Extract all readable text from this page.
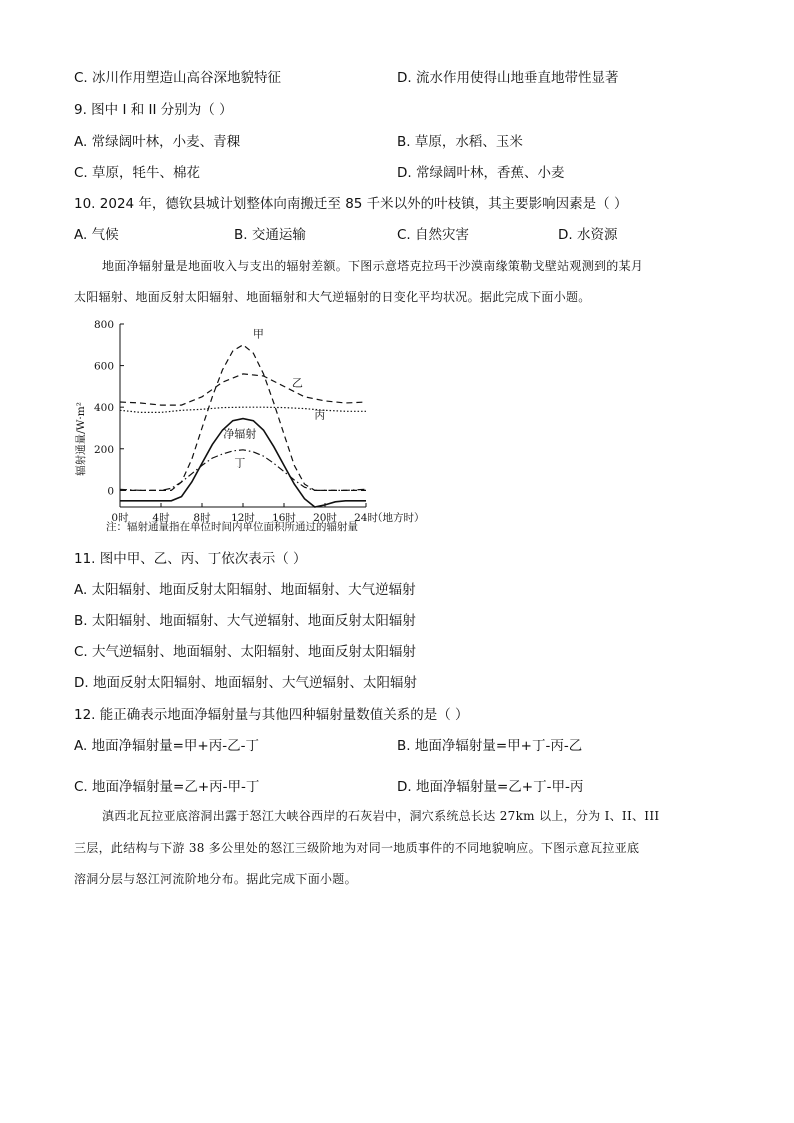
C. 冰川作用塑造山高谷深地貌特征	D. 流水作用使得山地垂直地带性显著
9. 图中 I 和 II 分别为（ ）
A. 常绿阔叶林，小麦、青稞	B. 草原，水稻、玉米
C. 草原，牦牛、棉花	D. 常绿阔叶林，香蕉、小麦
10. 2024 年，德钦县城计划整体向南搬迁至 85 千米以外的叶枝镇，其主要影响因素是（ ）
A. 气候	B. 交通运输	C. 自然灾害	D. 水资源
地面净辐射量是地面收入与支出的辐射差额。下图示意塔克拉玛干沙漠南缘策勒戈壁站观测到的某月
太阳辐射、地面反射太阳辐射、地面辐射和大气逆辐射的日变化平均状况。据此完成下面小题。
0
200
400
600
800
0时 4时 8时 12时 16时 20时 24时
（地方时）
甲
乙
丙
净辐射
丁
辐射通量/W·m²
注：辐射通量指在单位时间内单位面积所通过的辐射量
11. 图中甲、乙、丙、丁依次表示（ ）
A. 太阳辐射、地面反射太阳辐射、地面辐射、大气逆辐射
B. 太阳辐射、地面辐射、大气逆辐射、地面反射太阳辐射
C. 大气逆辐射、地面辐射、太阳辐射、地面反射太阳辐射
D. 地面反射太阳辐射、地面辐射、大气逆辐射、太阳辐射
12. 能正确表示地面净辐射量与其他四种辐射量数值关系的是（ ）
A. 地面净辐射量=甲+丙-乙-丁	B. 地面净辐射量=甲+丁-丙-乙
C. 地面净辐射量=乙+丙-甲-丁	D. 地面净辐射量=乙+丁-甲-丙
滇西北瓦拉亚底溶洞出露于怒江大峡谷西岸的石灰岩中，洞穴系统总长达 27km 以上，分为 I、II、III
三层，此结构与下游 38 多公里处的怒江三级阶地为对同一地质事件的不同地貌响应。下图示意瓦拉亚底
溶洞分层与怒江河流阶地分布。据此完成下面小题。
